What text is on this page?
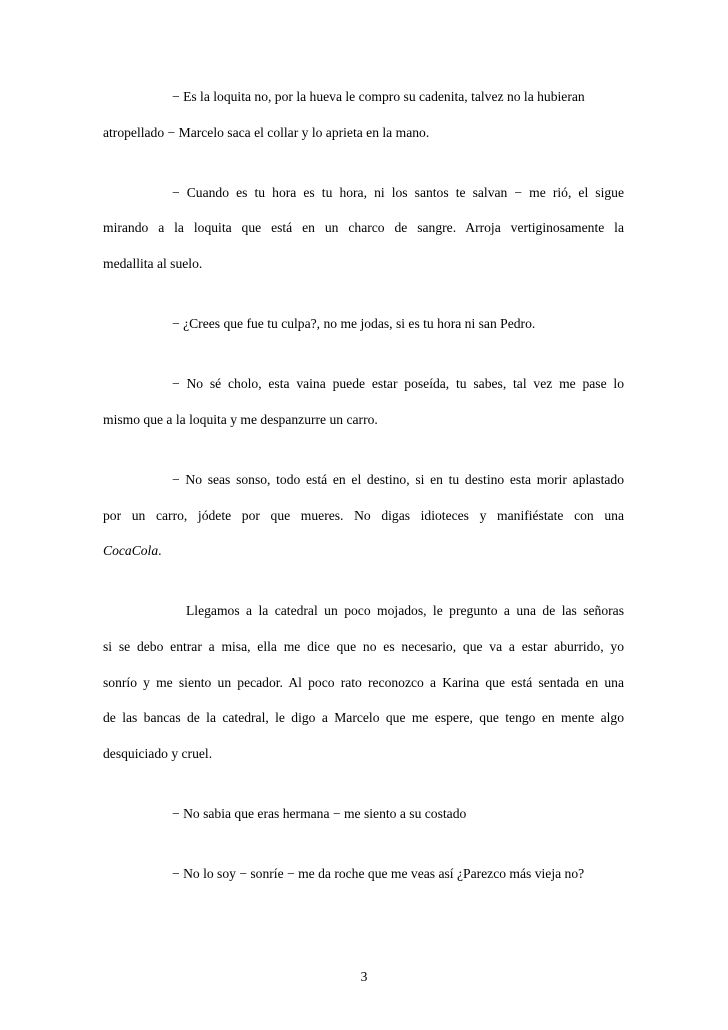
− Es la loquita no, por la hueva le compro su cadenita, talvez no la hubieran
atropellado − Marcelo saca el collar y lo aprieta en la mano.
− Cuando es tu hora es tu hora, ni los santos te salvan − me rió, el sigue
mirando a la loquita que está en un charco de sangre. Arroja vertiginosamente la
medallita al suelo.
− ¿Crees que fue tu culpa?, no me jodas, si es tu hora ni san Pedro.
− No sé cholo, esta vaina puede estar poseída, tu sabes, tal vez me pase lo
mismo que a la loquita y me despanzurre un carro.
− No seas sonso, todo está en el destino, si en tu destino esta morir aplastado
por un carro, jódete por que mueres. No digas idioteces y manifiéstate con una
CocaCola.
Llegamos a la catedral un poco mojados, le pregunto a una de las señoras
si se debo entrar a misa, ella me dice que no es necesario, que va a estar aburrido, yo
sonrío y me siento un pecador. Al poco rato reconozco a Karina que está sentada en una
de las bancas de la catedral, le digo a Marcelo que me espere, que tengo en mente algo
desquiciado y cruel.
− No sabia que eras hermana − me siento a su costado
− No lo soy − sonríe − me da roche que me veas así ¿Parezco más vieja no?
3
